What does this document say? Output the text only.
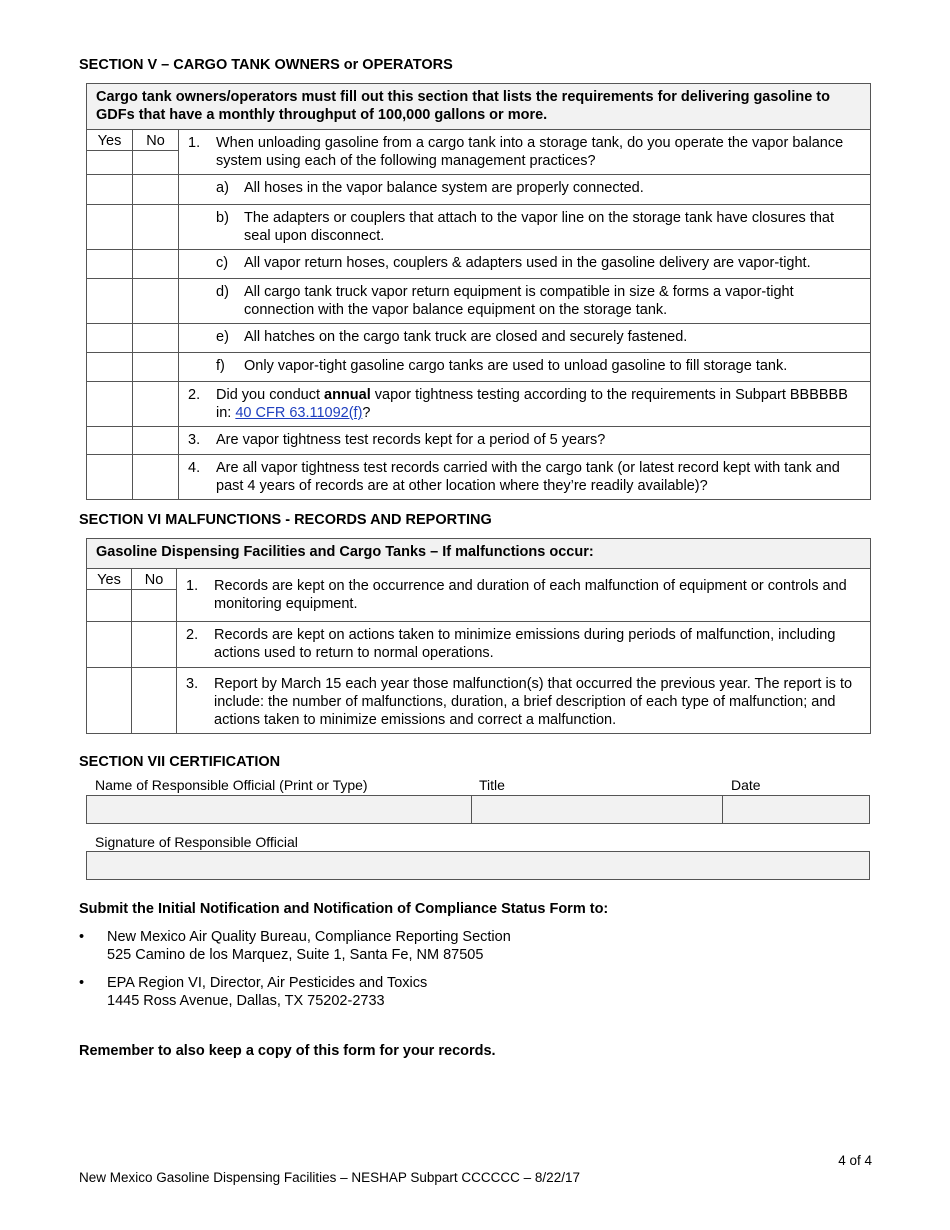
SECTION V – CARGO TANK OWNERS or OPERATORS
Cargo tank owners/operators must fill out this section that lists the requirements for delivering gasoline to GDFs that have a monthly throughput of 100,000 gallons or more.		

Yes	No	1. When unloading gasoline from a cargo tank into a storage tank, do you operate the vapor balance system using each of the following management practices?

		a) All hoses in the vapor balance system are properly connected.

		b) The adapters or couplers that attach to the vapor line on the storage tank have closures that seal upon disconnect.

		c) All vapor return hoses, couplers & adapters used in the gasoline delivery are vapor-tight.

		d) All cargo tank truck vapor return equipment is compatible in size & forms a vapor-tight connection with the vapor balance equipment on the storage tank.

		e) All hatches on the cargo tank truck are closed and securely fastened.

		f) Only vapor-tight gasoline cargo tanks are used to unload gasoline to fill storage tank.

		2. Did you conduct annual vapor tightness testing according to the requirements in Subpart BBBBBB in: 40 CFR 63.11092(f)?

		3. Are vapor tightness test records kept for a period of 5 years?

		4. Are all vapor tightness test records carried with the cargo tank (or latest record kept with tank and past 4 years of records are at other location where they’re readily available)?
SECTION VI MALFUNCTIONS - RECORDS AND REPORTING
Gasoline Dispensing Facilities and Cargo Tanks – If malfunctions occur:		

Yes	No	1. Records are kept on the occurrence and duration of each malfunction of equipment or controls and monitoring equipment.

		2. Records are kept on actions taken to minimize emissions during periods of malfunction, including actions used to return to normal operations.

		3. Report by March 15 each year those malfunction(s) that occurred the previous year. The report is to include: the number of malfunctions, duration, a brief description of each type of malfunction; and actions taken to minimize emissions and correct a malfunction.
SECTION VII CERTIFICATION
Name of Responsible Official (Print or Type)	Title	Date
Signature of Responsible Official
Submit the Initial Notification and Notification of Compliance Status Form to:
•	New Mexico Air Quality Bureau, Compliance Reporting Section
525 Camino de los Marquez, Suite 1, Santa Fe, NM 87505
•	EPA Region VI, Director, Air Pesticides and Toxics
1445 Ross Avenue, Dallas, TX 75202-2733
Remember to also keep a copy of this form for your records.
4 of 4
New Mexico Gasoline Dispensing Facilities – NESHAP Subpart CCCCCC – 8/22/17
